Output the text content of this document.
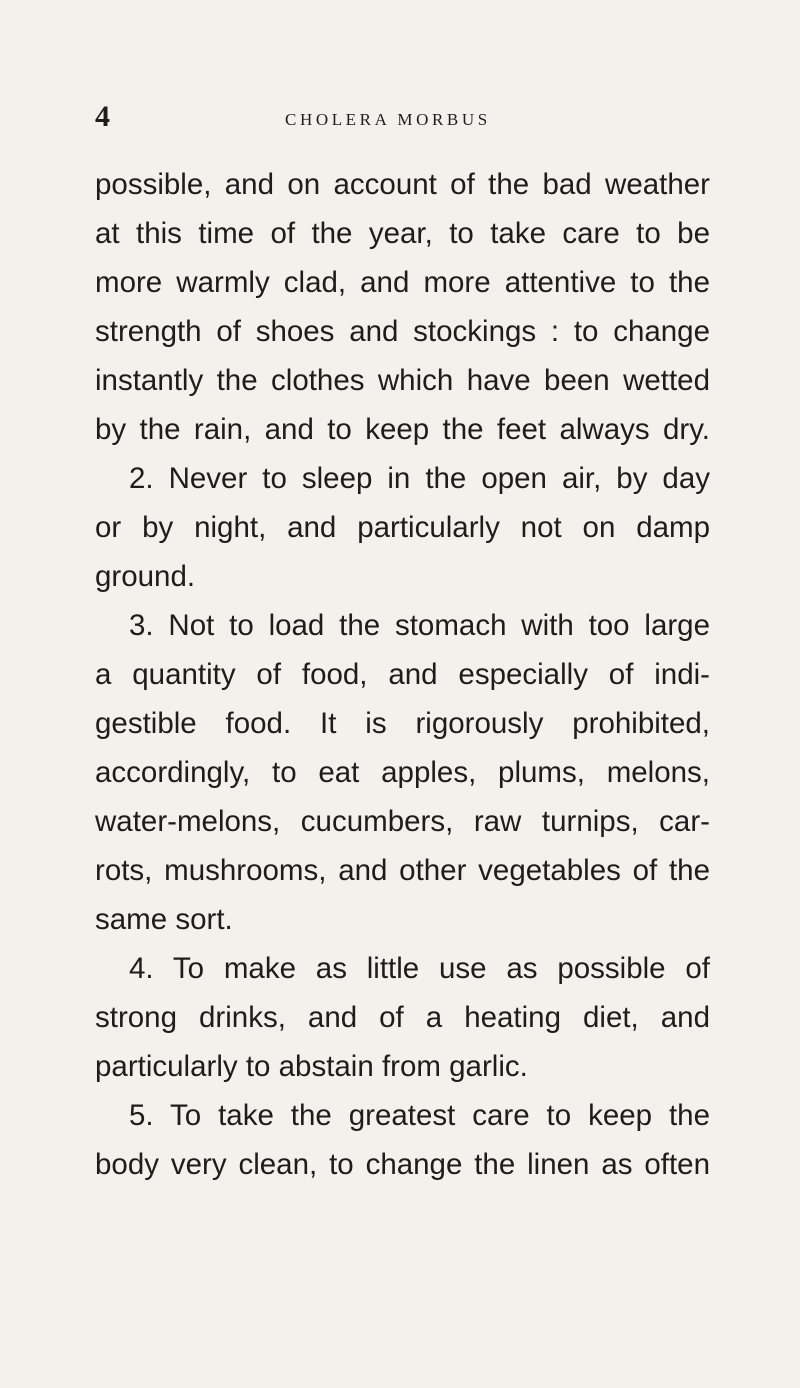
4	CHOLERA MORBUS
possible, and on account of the bad weather
at this time of the year, to take care to be
more warmly clad, and more attentive to the
strength of shoes and stockings : to change
instantly the clothes which have been wetted
by the rain, and to keep the feet always dry.
2. Never to sleep in the open air, by day
or by night, and particularly not on damp
ground.
3. Not to load the stomach with too large
a quantity of food, and especially of indi-
gestible food. It is rigorously prohibited,
accordingly, to eat apples, plums, melons,
water-melons, cucumbers, raw turnips, car-
rots, mushrooms, and other vegetables of the
same sort.
4. To make as little use as possible of
strong drinks, and of a heating diet, and
particularly to abstain from garlic.
5. To take the greatest care to keep the
body very clean, to change the linen as often
